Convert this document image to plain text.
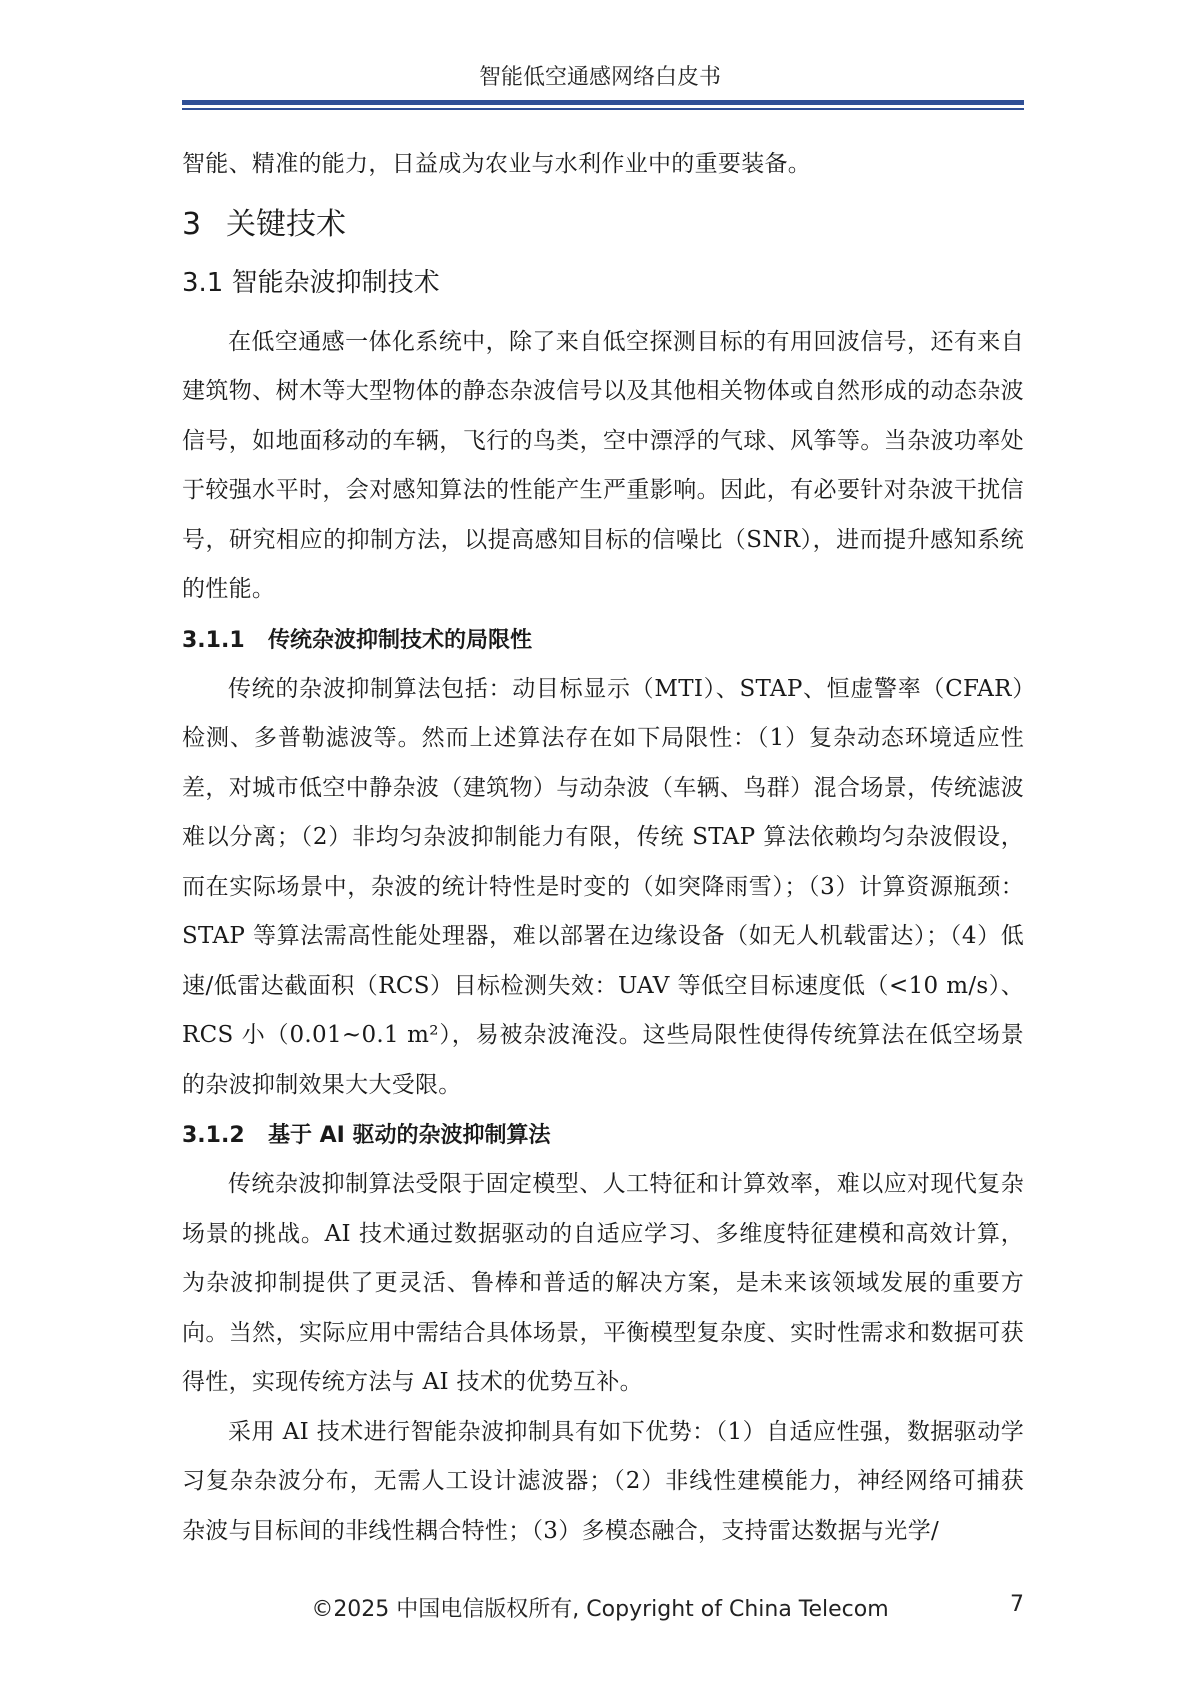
智能低空通感网络白皮书

智能、精准的能力，日益成为农业与水利作业中的重要装备。

3 关键技术
3.1 智能杂波抑制技术

在低空通感一体化系统中，除了来自低空探测目标的有用回波信号，还有来自建筑物、树木等大型物体的静态杂波信号以及其他相关物体或自然形成的动态杂波信号，如地面移动的车辆，飞行的鸟类，空中漂浮的气球、风筝等。当杂波功率处于较强水平时，会对感知算法的性能产生严重影响。因此，有必要针对杂波干扰信号，研究相应的抑制方法，以提高感知目标的信噪比（SNR），进而提升感知系统的性能。

3.1.1 传统杂波抑制技术的局限性

传统的杂波抑制算法包括：动目标显示（MTI）、STAP、恒虚警率（CFAR）检测、多普勒滤波等。然而上述算法存在如下局限性：（1）复杂动态环境适应性差，对城市低空中静杂波（建筑物）与动杂波（车辆、鸟群）混合场景，传统滤波难以分离；（2）非均匀杂波抑制能力有限，传统 STAP 算法依赖均匀杂波假设，而在实际场景中，杂波的统计特性是时变的（如突降雨雪）；（3）计算资源瓶颈：STAP 等算法需高性能处理器，难以部署在边缘设备（如无人机载雷达）；（4）低速/低雷达截面积（RCS）目标检测失效：UAV 等低空目标速度低（<10 m/s）、RCS 小（0.01~0.1 m²），易被杂波淹没。这些局限性使得传统算法在低空场景的杂波抑制效果大大受限。

3.1.2 基于 AI 驱动的杂波抑制算法

传统杂波抑制算法受限于固定模型、人工特征和计算效率，难以应对现代复杂场景的挑战。AI 技术通过数据驱动的自适应学习、多维度特征建模和高效计算，为杂波抑制提供了更灵活、鲁棒和普适的解决方案，是未来该领域发展的重要方向。当然，实际应用中需结合具体场景，平衡模型复杂度、实时性需求和数据可获得性，实现传统方法与 AI 技术的优势互补。

采用 AI 技术进行智能杂波抑制具有如下优势：（1）自适应性强，数据驱动学习复杂杂波分布，无需人工设计滤波器；（2）非线性建模能力，神经网络可捕获杂波与目标间的非线性耦合特性；（3）多模态融合，支持雷达数据与光学/

©2025 中国电信版权所有, Copyright of China Telecom	7
